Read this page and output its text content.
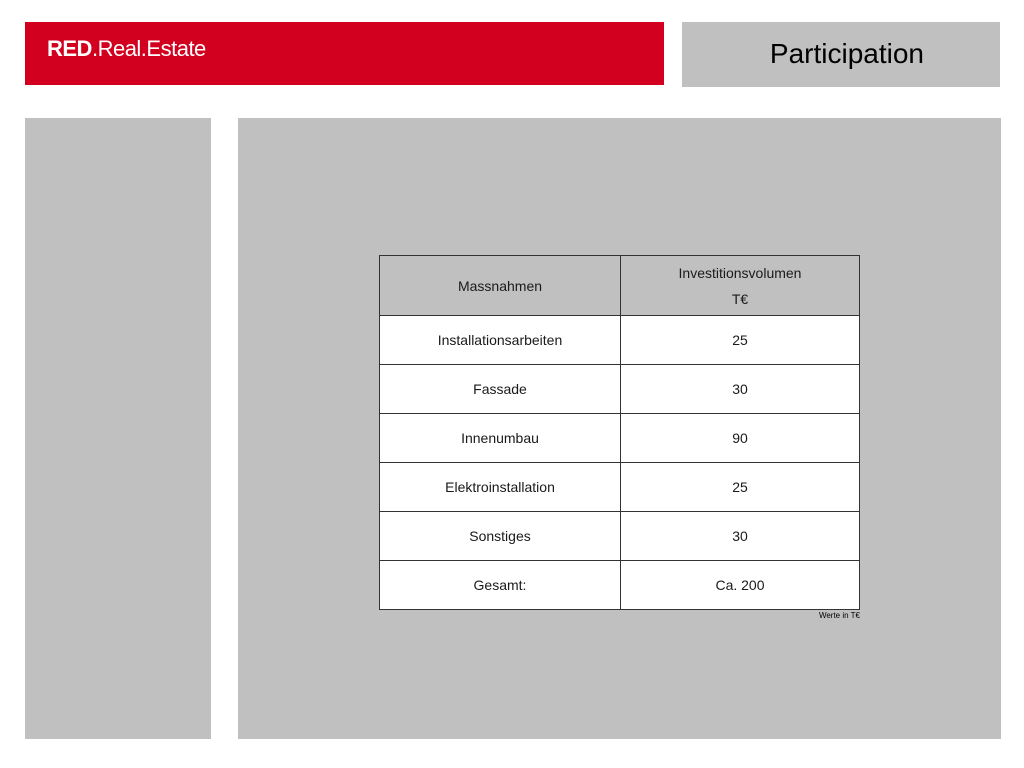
RED.Real.Estate	Participation
Massnahmen	Investitionsvolumen
T€

Installationsarbeiten	25
Fassade	30
Innenumbau	90
Elektroinstallation	25
Sonstiges	30
Gesamt:	Ca. 200
Werte in T€
